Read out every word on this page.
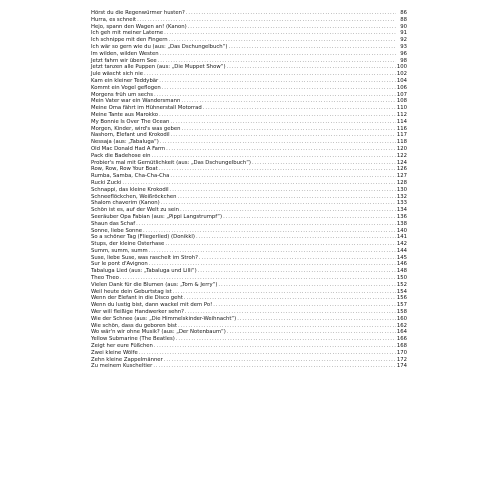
Hörst du die Regenwürmer husten? .....	86
Hurra, es schneit .....	88
Hejo, spann den Wagen an! (Kanon) .....	90
Ich geh mit meiner Laterne .....	91
Ich schnippe mit den Fingern .....	92
Ich wär so gern wie du (aus: „Das Dschungelbuch“) .....	93
Im wilden, wilden Westen .....	96
Jetzt fahrn wir übern See .....	98
Jetzt tanzen alle Puppen (aus: „Die Muppet Show“) .....	100
Jule wäscht sich nie .....	102
Kam ein kleiner Teddybär .....	104
Kommt ein Vogel geflogen .....	106
Morgens früh um sechs .....	107
Mein Vater war ein Wandersmann .....	108
Meine Oma fährt im Hühnerstall Motorrad .....	110
Meine Tante aus Marokko .....	112
My Bonnie Is Over The Ocean .....	114
Morgen, Kinder, wird's was geben .....	116
Nashorn, Elefant und Krokodil .....	117
Nessaja (aus: „Tabaluga“) .....	118
Old Mac Donald Had A Farm .....	120
Pack die Badehose ein .....	122
Probier's mal mit Gemütlichkeit (aus: „Das Dschungelbuch“) .....	124
Row, Row, Row Your Boat .....	126
Rumba, Samba, Cha-Cha-Cha .....	127
Rucki Zucki .....	128
Schnappi, das kleine Krokodil .....	130
Schneeflöckchen, Weißröckchen .....	132
Shalom chaverim (Kanon) .....	133
Schön ist es, auf der Welt zu sein .....	134
Seeräuber Opa Fabian (aus: „Pippi Langstrumpf“) .....	136
Shaun das Schaf .....	138
Sonne, liebe Sonne .....	140
So a schöner Tag (Fliegerlied) (Donikkl) .....	141
Stups, der kleine Osterhase .....	142
Summ, summ, summ .....	144
Suse, liebe Suse, was raschelt im Stroh? .....	145
Sur le pont d'Avignon .....	146
Tabaluga Lied (aus: „Tabaluga und Lilli“) .....	148
Theo Theo .....	150
Vielen Dank für die Blumen (aus: „Tom & Jerry“) .....	152
Weil heute dein Geburtstag ist .....	154
Wenn der Elefant in die Disco geht .....	156
Wenn du lustig bist, dann wackel mit dem Po! .....	157
Wer will fleißige Handwerker sehn? .....	158
Wie der Schnee (aus: „Die Himmelskinder-Weihnacht“) .....	160
Wie schön, dass du geboren bist .....	162
Wo wär'n wir ohne Musik? (aus: „Der Notenbaum“) .....	164
Yellow Submarine (The Beatles) .....	166
Zeigt her eure Füßchen .....	168
Zwei kleine Wölfe .....	170
Zehn kleine Zappelmänner .....	172
Zu meinem Kuscheltier .....	174
